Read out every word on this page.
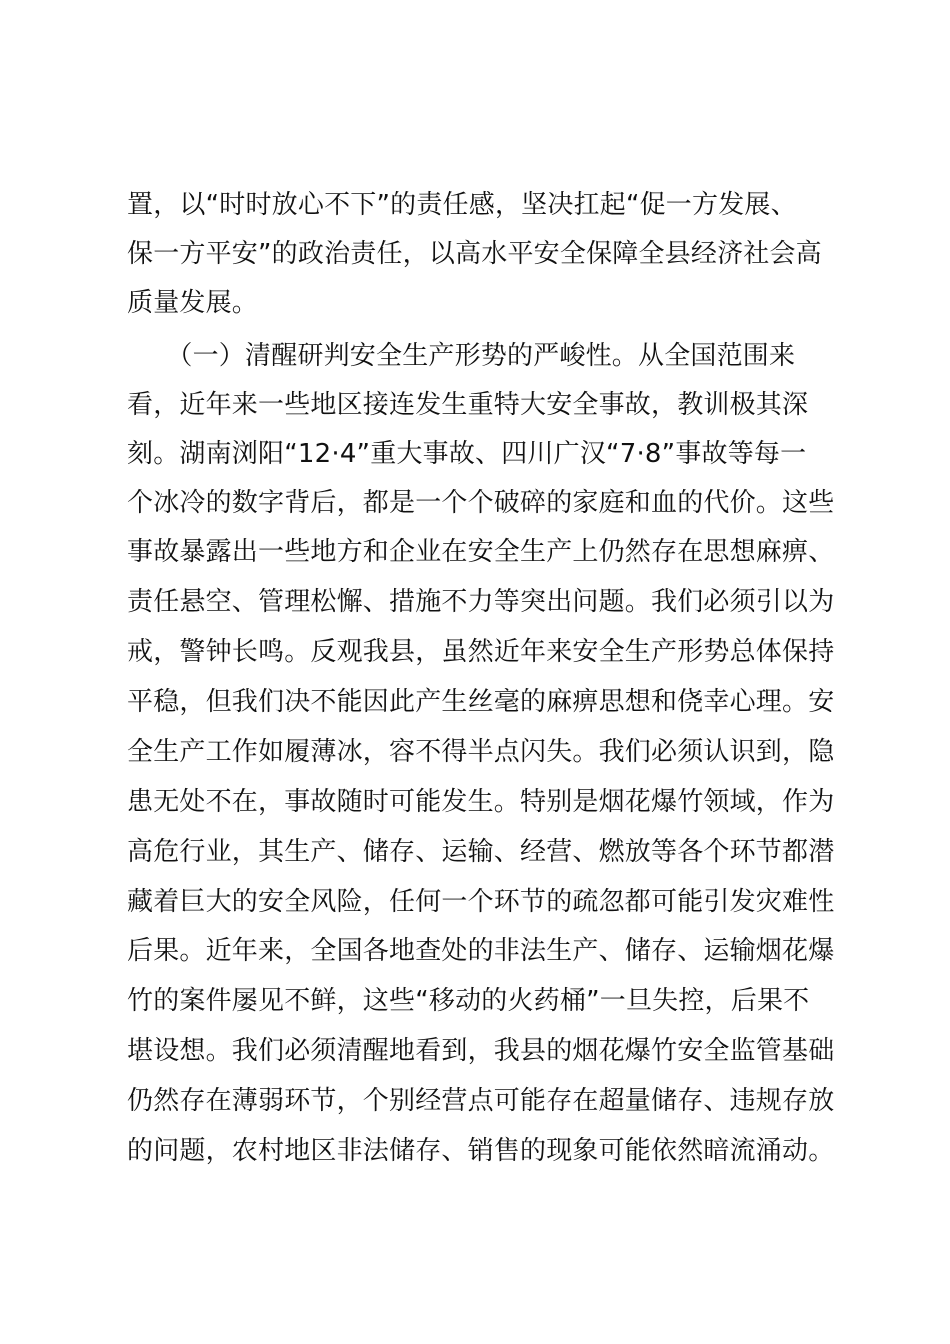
置，以“时时放心不下”的责任感，坚决扛起“促一方发展、
保一方平安”的政治责任，以高水平安全保障全县经济社会高
质量发展。
　　（一）清醒研判安全生产形势的严峻性。从全国范围来
看，近年来一些地区接连发生重特大安全事故，教训极其深
刻。湖南浏阳“12·4”重大事故、四川广汉“7·8”事故等每一
个冰冷的数字背后，都是一个个破碎的家庭和血的代价。这些
事故暴露出一些地方和企业在安全生产上仍然存在思想麻痹、
责任悬空、管理松懈、措施不力等突出问题。我们必须引以为
戒，警钟长鸣。反观我县，虽然近年来安全生产形势总体保持
平稳，但我们决不能因此产生丝毫的麻痹思想和侥幸心理。安
全生产工作如履薄冰，容不得半点闪失。我们必须认识到，隐
患无处不在，事故随时可能发生。特别是烟花爆竹领域，作为
高危行业，其生产、储存、运输、经营、燃放等各个环节都潜
藏着巨大的安全风险，任何一个环节的疏忽都可能引发灾难性
后果。近年来，全国各地查处的非法生产、储存、运输烟花爆
竹的案件屡见不鲜，这些“移动的火药桶”一旦失控，后果不
堪设想。我们必须清醒地看到，我县的烟花爆竹安全监管基础
仍然存在薄弱环节，个别经营点可能存在超量储存、违规存放
的问题，农村地区非法储存、销售的现象可能依然暗流涌动。
